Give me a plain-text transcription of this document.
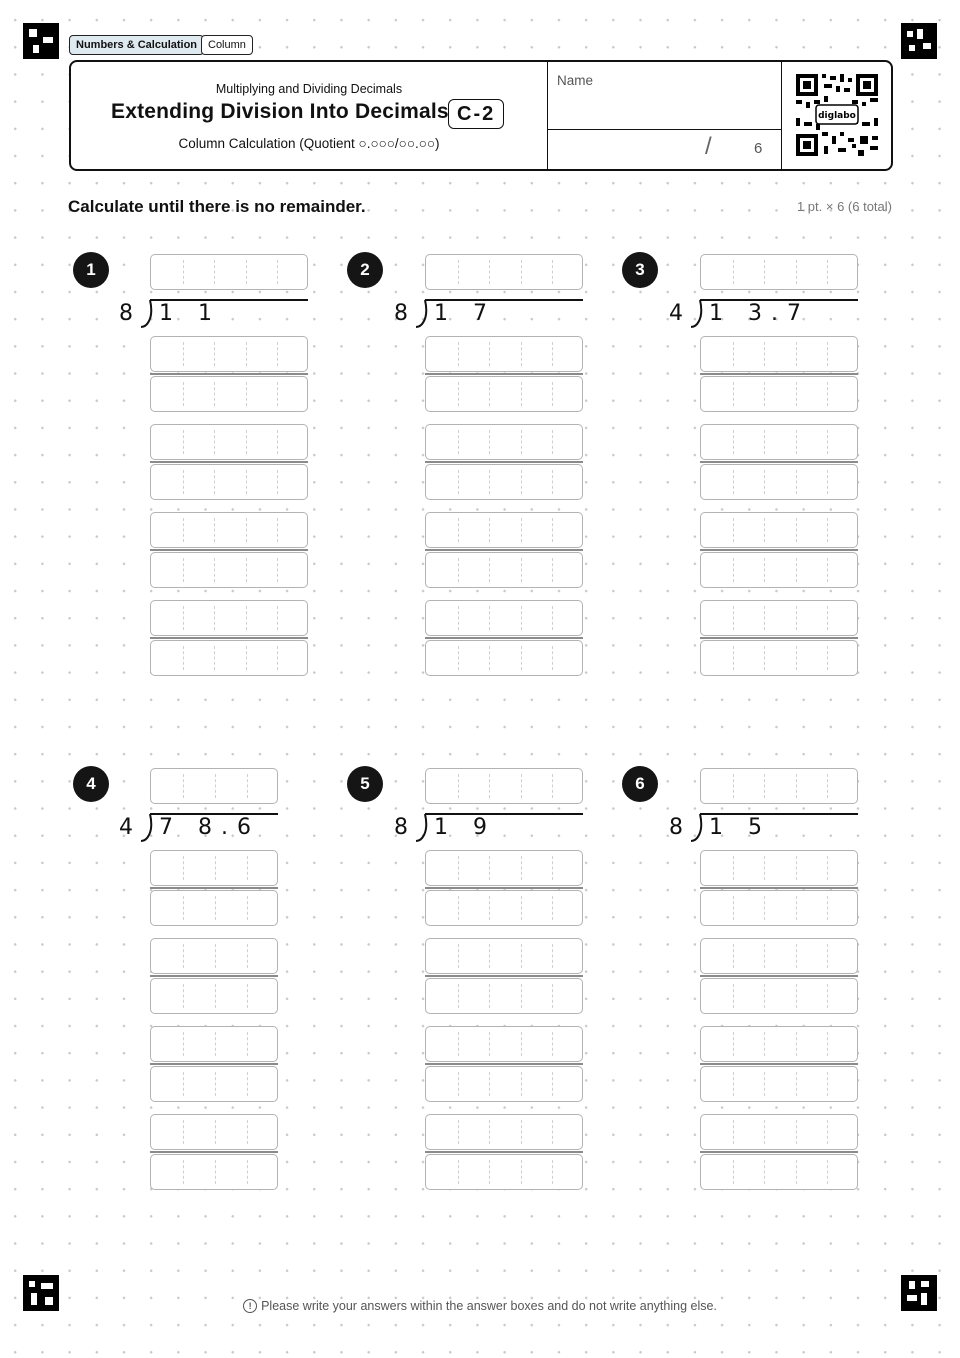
Numbers & Calculation Column
Multiplying and Dividing Decimals
Extending Division Into Decimals C-2
Column Calculation (Quotient ○.○○○/○○.○○)
Name
/	6
diglabo
Calculate until there is no remainder.	1 pt. × 6 (6 total)
1
8 1 1
2
8 1 7
3
4 1 3.7
4
4 7 8.6
5
8 1 9
6
8 1 5
! Please write your answers within the answer boxes and do not write anything else.
